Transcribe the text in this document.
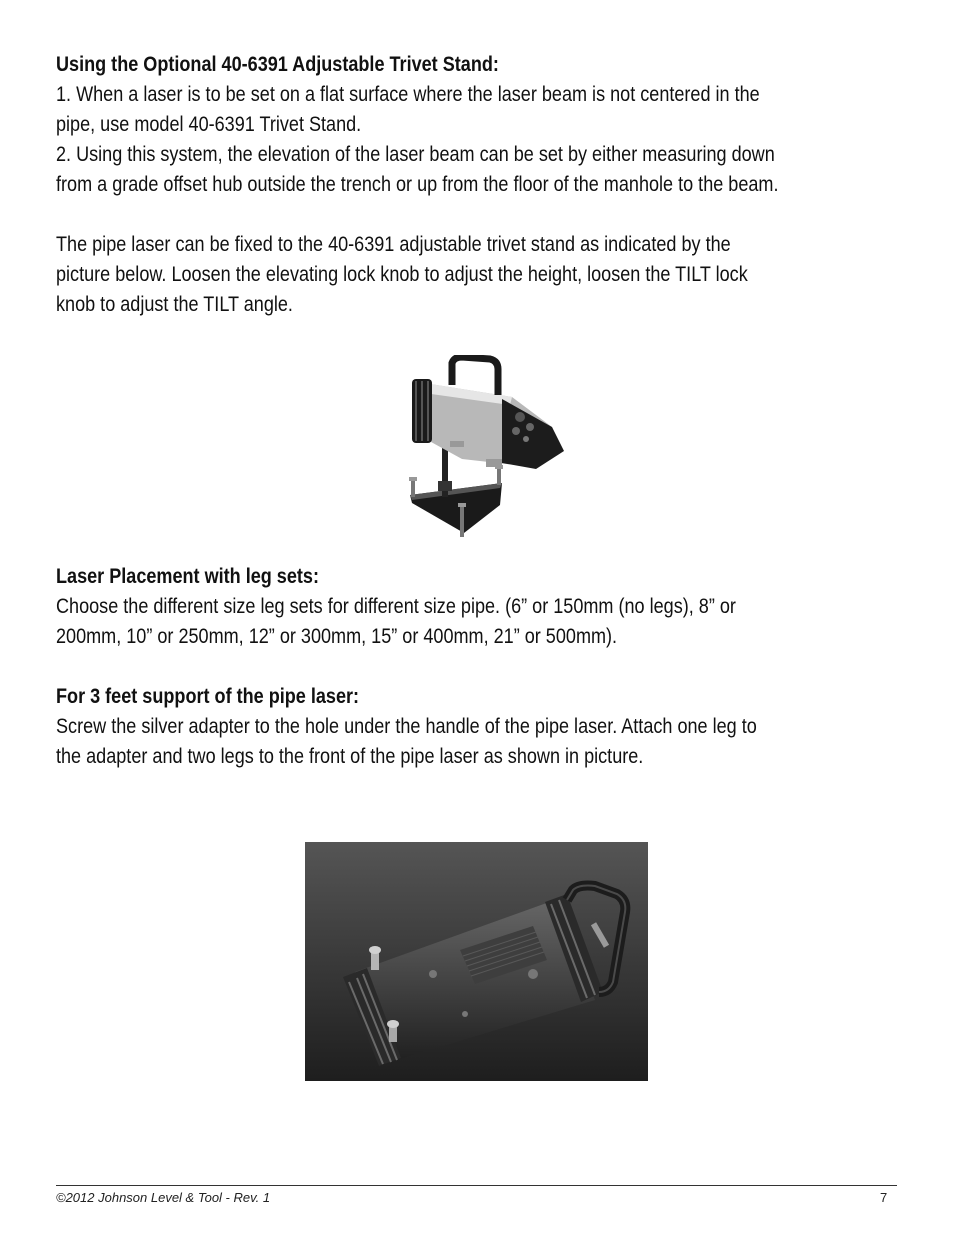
Using the Optional 40-6391 Adjustable Trivet Stand:

1. When a laser is to be set on a flat surface where the laser beam is not centered in the

pipe, use model 40-6391 Trivet Stand.

2. Using this system, the elevation of the laser beam can be set by either measuring down

from a grade offset hub outside the trench or up from the floor of the manhole to the beam.

The pipe laser can be fixed to the 40-6391 adjustable trivet stand as indicated by the

picture below. Loosen the elevating lock knob to adjust the height, loosen the TILT lock

knob to adjust the TILT angle.

Laser Placement with leg sets:

Choose the different size leg sets for different size pipe. (6” or 150mm (no legs), 8” or

200mm, 10” or 250mm, 12” or 300mm, 15” or 400mm, 21” or 500mm).

For 3 feet support of the pipe laser:

Screw the silver adapter to the hole under the handle of the pipe laser. Attach one leg to

the adapter and two legs to the front of the pipe laser as shown in picture.

©2012 Johnson Level & Tool - Rev. 1	7
